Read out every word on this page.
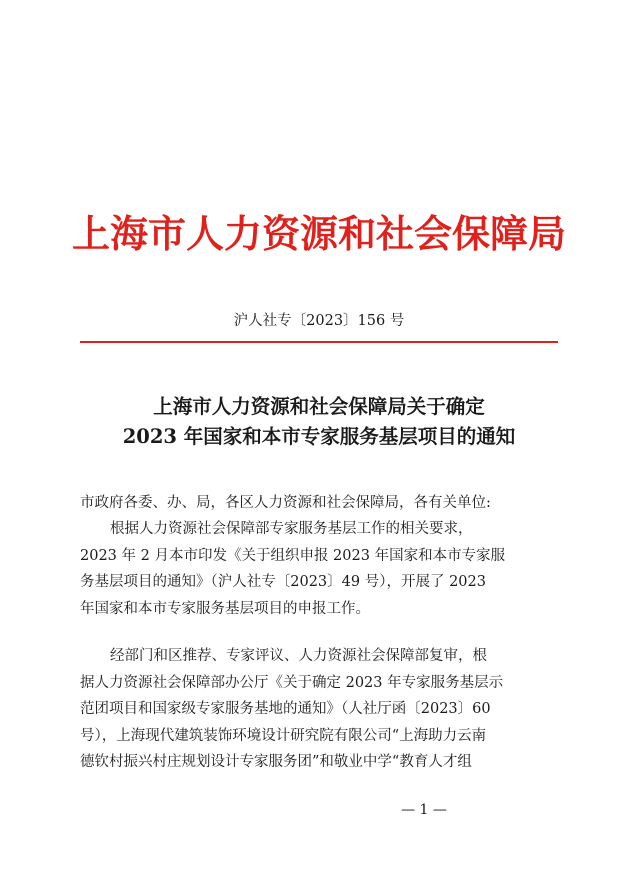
上海市人力资源和社会保障局

沪人社专〔2023〕156 号

上海市人力资源和社会保障局关于确定
2023 年国家和本市专家服务基层项目的通知

市政府各委、办、局，各区人力资源和社会保障局，各有关单位:

根据人力资源社会保障部专家服务基层工作的相关要求，
2023 年 2 月本市印发《关于组织申报 2023 年国家和本市专家服
务基层项目的通知》（沪人社专〔2023〕49 号），开展了 2023
年国家和本市专家服务基层项目的申报工作。

经部门和区推荐、专家评议、人力资源社会保障部复审，根
据人力资源社会保障部办公厅《关于确定 2023 年专家服务基层示
范团项目和国家级专家服务基地的通知》（人社厅函〔2023〕60
号），上海现代建筑装饰环境设计研究院有限公司“上海助力云南
德钦村振兴村庄规划设计专家服务团”和敬业中学“教育人才组

— 1 —
